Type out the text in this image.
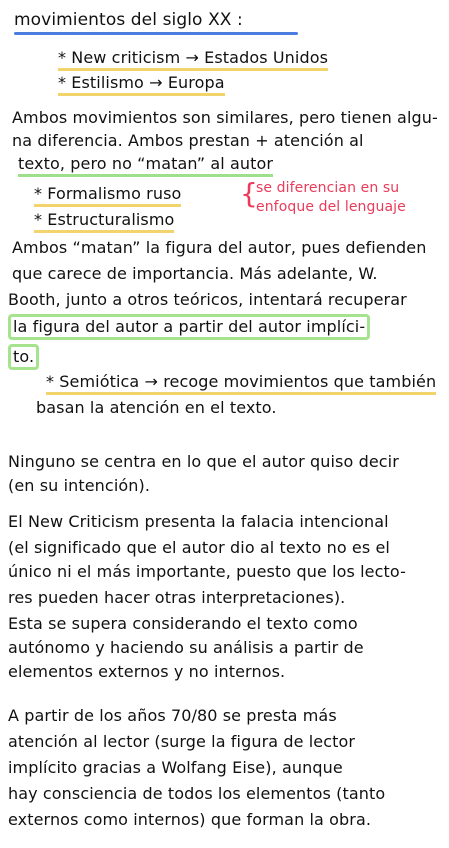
movimientos del siglo XX :
* New criticism → Estados Unidos
* Estilismo → Europa
Ambos movimientos son similares, pero tienen algu-
na diferencia. Ambos prestan + atención al
texto, pero no “matan” al autor
* Formalismo ruso
* Estructuralismo
{
se diferencian en su
enfoque del lenguaje
Ambos “matan” la figura del autor, pues defienden
que carece de importancia. Más adelante, W.
Booth, junto a otros teóricos, intentará recuperar
la figura del autor a partir del autor implíci-
to.
* Semiótica → recoge movimientos que también
basan la atención en el texto.
Ninguno se centra en lo que el autor quiso decir
(en su intención).
El New Criticism presenta la falacia intencional
(el significado que el autor dio al texto no es el
único ni el más importante, puesto que los lecto-
res pueden hacer otras interpretaciones).
Esta se supera considerando el texto como
autónomo y haciendo su análisis a partir de
elementos externos y no internos.
A partir de los años 70/80 se presta más
atención al lector (surge la figura de lector
implícito gracias a Wolfang Eise), aunque
hay consciencia de todos los elementos (tanto
externos como internos) que forman la obra.
